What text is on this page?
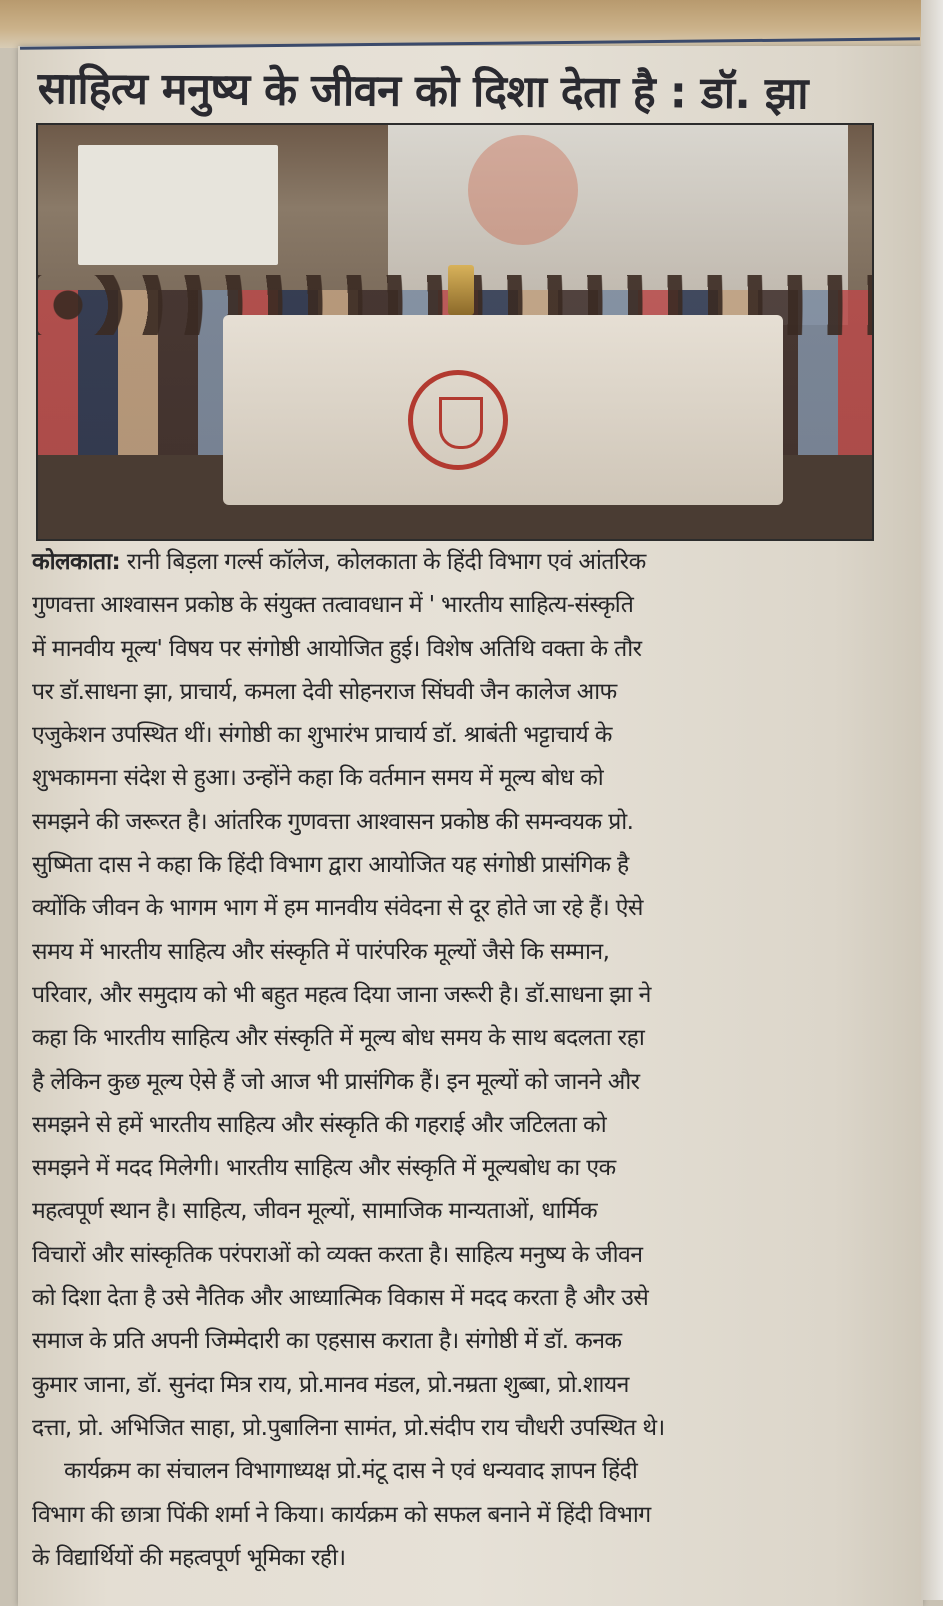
साहित्य मनुष्य के जीवन को दिशा देता है : डॉ. झा
कोलकाता: रानी बिड़ला गर्ल्स कॉलेज, कोलकाता के हिंदी विभाग एवं आंतरिक
गुणवत्ता आश्वासन प्रकोष्ठ के संयुक्त तत्वावधान में ' भारतीय साहित्य-संस्कृति
में मानवीय मूल्य' विषय पर संगोष्ठी आयोजित हुई। विशेष अतिथि वक्ता के तौर
पर डॉ.साधना झा, प्राचार्य, कमला देवी सोहनराज सिंघवी जैन कालेज आफ
एजुकेशन उपस्थित थीं। संगोष्ठी का शुभारंभ प्राचार्य डॉ. श्राबंती भट्टाचार्य के
शुभकामना संदेश से हुआ। उन्होंने कहा कि वर्तमान समय में मूल्य बोध को
समझने की जरूरत है। आंतरिक गुणवत्ता आश्वासन प्रकोष्ठ की समन्वयक प्रो.
सुष्मिता दास ने कहा कि हिंदी विभाग द्वारा आयोजित यह संगोष्ठी प्रासंगिक है
क्योंकि जीवन के भागम भाग में हम मानवीय संवेदना से दूर होते जा रहे हैं। ऐसे
समय में भारतीय साहित्य और संस्कृति में पारंपरिक मूल्यों जैसे कि सम्मान,
परिवार, और समुदाय को भी बहुत महत्व दिया जाना जरूरी है। डॉ.साधना झा ने
कहा कि भारतीय साहित्य और संस्कृति में मूल्य बोध समय के साथ बदलता रहा
है लेकिन कुछ मूल्य ऐसे हैं जो आज भी प्रासंगिक हैं। इन मूल्यों को जानने और
समझने से हमें भारतीय साहित्य और संस्कृति की गहराई और जटिलता को
समझने में मदद मिलेगी। भारतीय साहित्य और संस्कृति में मूल्यबोध का एक
महत्वपूर्ण स्थान है। साहित्य, जीवन मूल्यों, सामाजिक मान्यताओं, धार्मिक
विचारों और सांस्कृतिक परंपराओं को व्यक्त करता है। साहित्य मनुष्य के जीवन
को दिशा देता है उसे नैतिक और आध्यात्मिक विकास में मदद करता है और उसे
समाज के प्रति अपनी जिम्मेदारी का एहसास कराता है। संगोष्ठी में डॉ. कनक
कुमार जाना, डॉ. सुनंदा मित्र राय, प्रो.मानव मंडल, प्रो.नम्रता शुब्बा, प्रो.शायन
दत्ता, प्रो. अभिजित साहा, प्रो.पुबालिना सामंत, प्रो.संदीप राय चौधरी उपस्थित थे।
कार्यक्रम का संचालन विभागाध्यक्ष प्रो.मंटू दास ने एवं धन्यवाद ज्ञापन हिंदी
विभाग की छात्रा पिंकी शर्मा ने किया। कार्यक्रम को सफल बनाने में हिंदी विभाग
के विद्यार्थियों की महत्वपूर्ण भूमिका रही।
